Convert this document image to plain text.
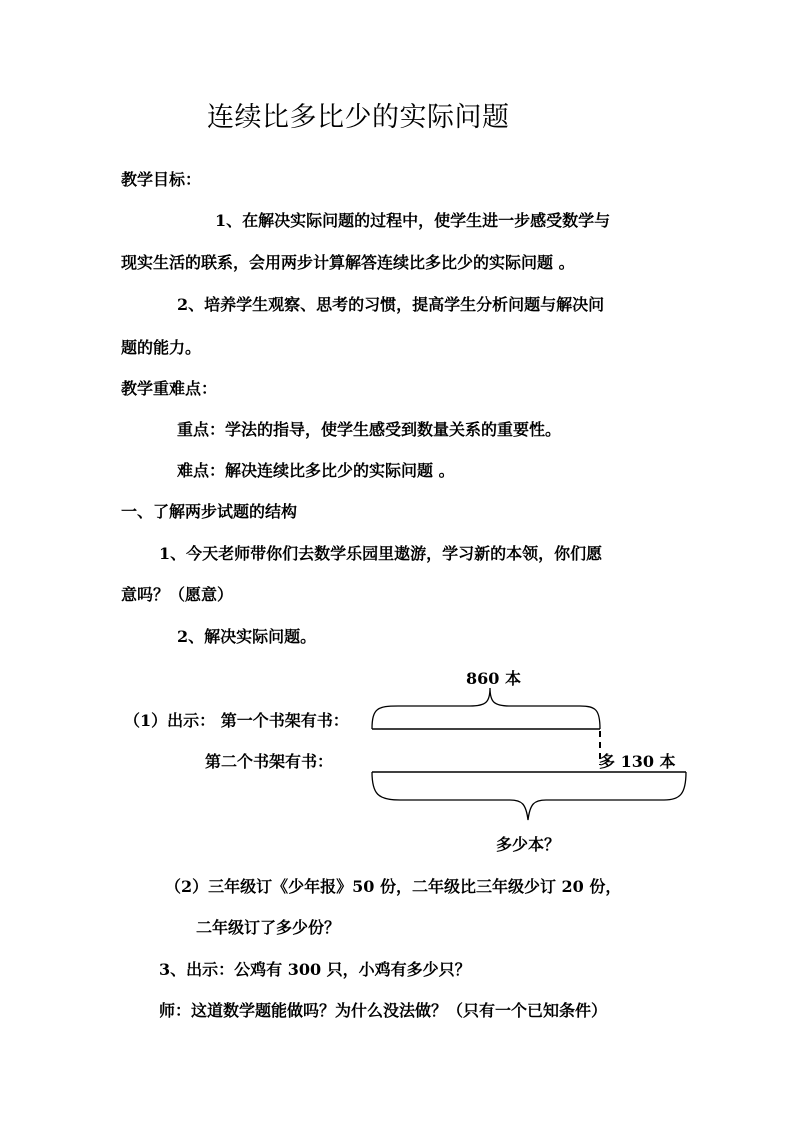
连续比多比少的实际问题
教学目标：
1、在解决实际问题的过程中，使学生进一步感受数学与
现实生活的联系，会用两步计算解答连续比多比少的实际问题 。
2、培养学生观察、思考的习惯，提高学生分析问题与解决问
题的能力。
教学重难点：
重点：学法的指导，使学生感受到数量关系的重要性。
难点：解决连续比多比少的实际问题 。
一、了解两步试题的结构
1、今天老师带你们去数学乐园里遨游，学习新的本领，你们愿
意吗？（愿意）
2、解决实际问题。
860 本
（1）出示： 第一个书架有书：
第二个书架有书：	多 130 本
多少本？
（2）三年级订《少年报》50 份，二年级比三年级少订 20 份，
二年级订了多少份？
3、出示：公鸡有 300 只，小鸡有多少只？
师：这道数学题能做吗？为什么没法做？（只有一个已知条件）
